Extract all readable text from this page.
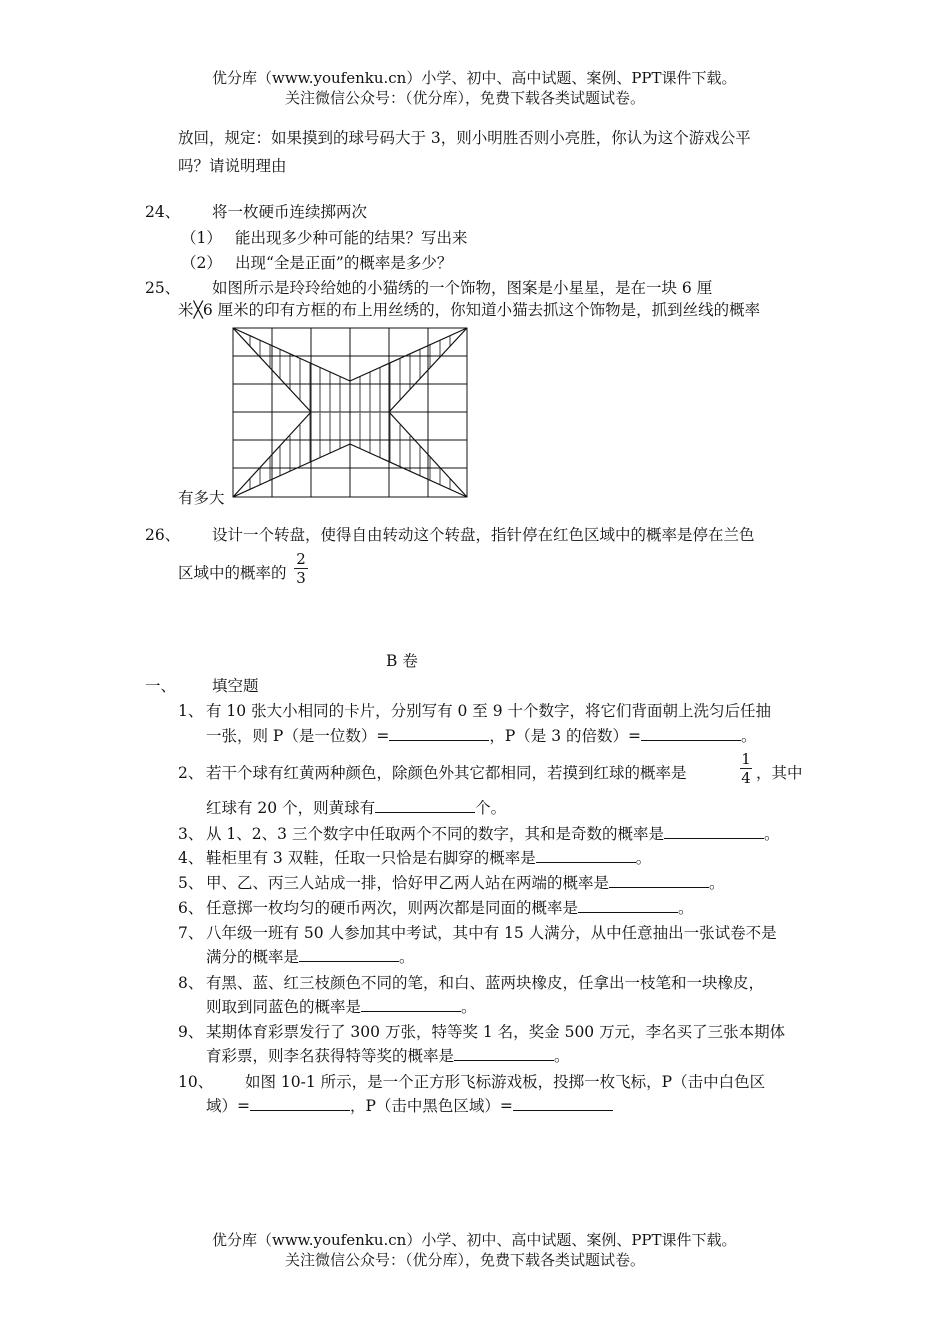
优分库（www.youfenku.cn）小学、初中、高中试题、案例、PPT课件下载。
关注微信公众号：（优分库），免费下载各类试题试卷。
放回，规定：如果摸到的球号码大于 3，则小明胜否则小亮胜，你认为这个游戏公平
吗？请说明理由
24、 将一枚硬币连续掷两次
（1） 能出现多少种可能的结果？写出来
（2） 出现“全是正面”的概率是多少？
25、 如图所示是玲玲给她的小猫绣的一个饰物，图案是小星星，是在一块 6 厘
米╳6 厘米的印有方框的布上用丝绣的，你知道小猫去抓这个饰物是，抓到丝线的概率
有多大
26、 设计一个转盘，使得自由转动这个转盘，指针停在红色区域中的概率是停在兰色
区域中的概率的
2
3
B 卷
一、 填空题
1、 有 10 张大小相同的卡片，分别写有 0 至 9 十个数字，将它们背面朝上洗匀后任抽
一张，则 P（是一位数）=	，P（是 3 的倍数）=	。
2、 若干个球有红黄两种颜色，除颜色外其它都相同，若摸到红球的概率是
1
4 ，其中
红球有 20 个，则黄球有	个。
3、 从 1、2、3 三个数字中任取两个不同的数字，其和是奇数的概率是	。
4、 鞋柜里有 3 双鞋，任取一只恰是右脚穿的概率是	。
5、 甲、乙、丙三人站成一排，恰好甲乙两人站在两端的概率是	。
6、 任意掷一枚均匀的硬币两次，则两次都是同面的概率是	。
7、 八年级一班有 50 人参加其中考试，其中有 15 人满分，从中任意抽出一张试卷不是
满分的概率是	。
8、 有黑、蓝、红三枝颜色不同的笔，和白、蓝两块橡皮，任拿出一枝笔和一块橡皮，
则取到同蓝色的概率是	。
9、 某期体育彩票发行了 300 万张，特等奖 1 名，奖金 500 万元，李名买了三张本期体
育彩票，则李名获得特等奖的概率是	。
10、 如图 10-1 所示，是一个正方形飞标游戏板，投掷一枚飞标，P（击中白色区
域）=	，P（击中黑色区域）=
优分库（www.youfenku.cn）小学、初中、高中试题、案例、PPT课件下载。
关注微信公众号：（优分库），免费下载各类试题试卷。
